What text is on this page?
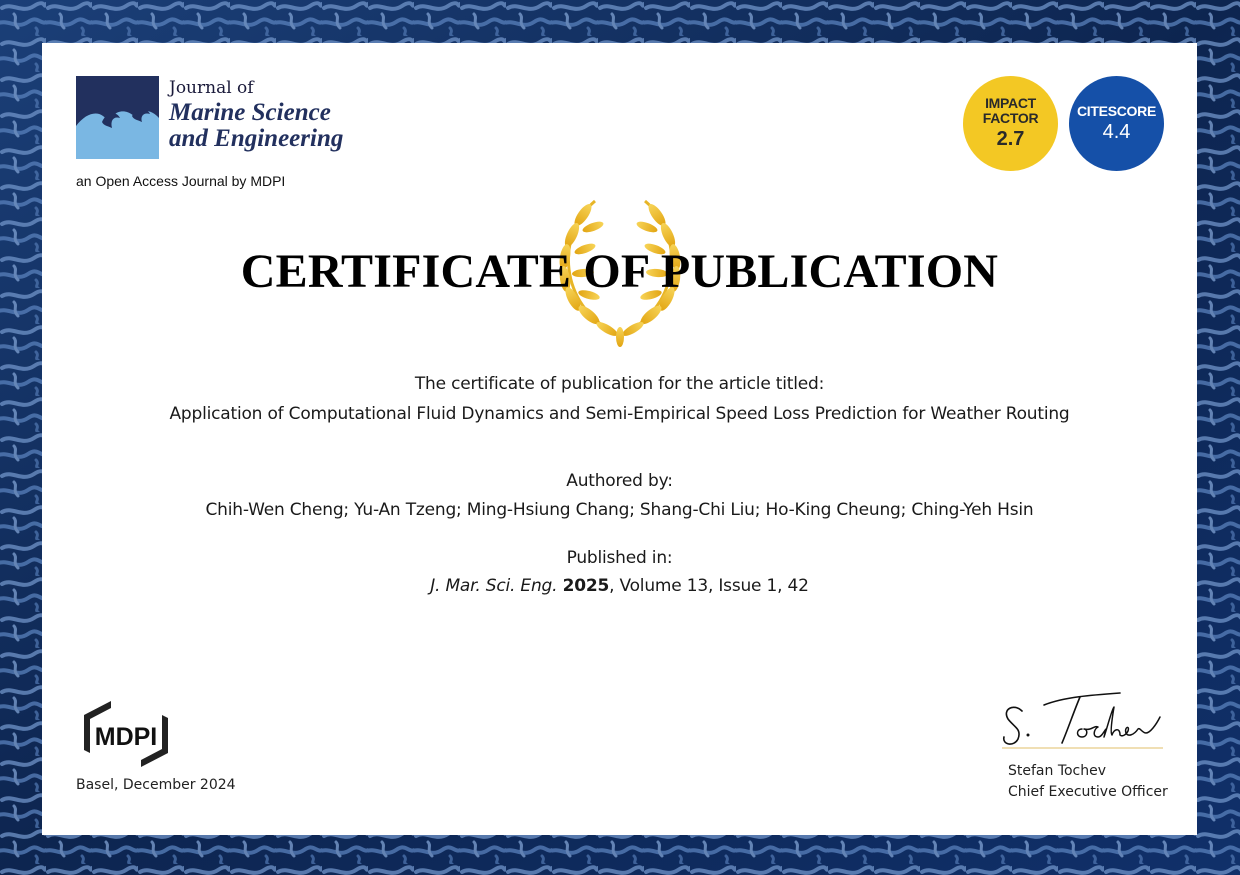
Journal of
Marine Science
and Engineering
an Open Access Journal by MDPI
IMPACT
FACTOR
2.7
CITESCORE
4.4
CERTIFICATE OF PUBLICATION
The certificate of publication for the article titled:
Application of Computational Fluid Dynamics and Semi-Empirical Speed Loss Prediction for Weather Routing
Authored by:
Chih-Wen Cheng; Yu-An Tzeng; Ming-Hsiung Chang; Shang-Chi Liu; Ho-King Cheung; Ching-Yeh Hsin
Published in:
J. Mar. Sci. Eng. 2025, Volume 13, Issue 1, 42
MDPI
Basel, December 2024
Stefan Tochev
Chief Executive Officer
